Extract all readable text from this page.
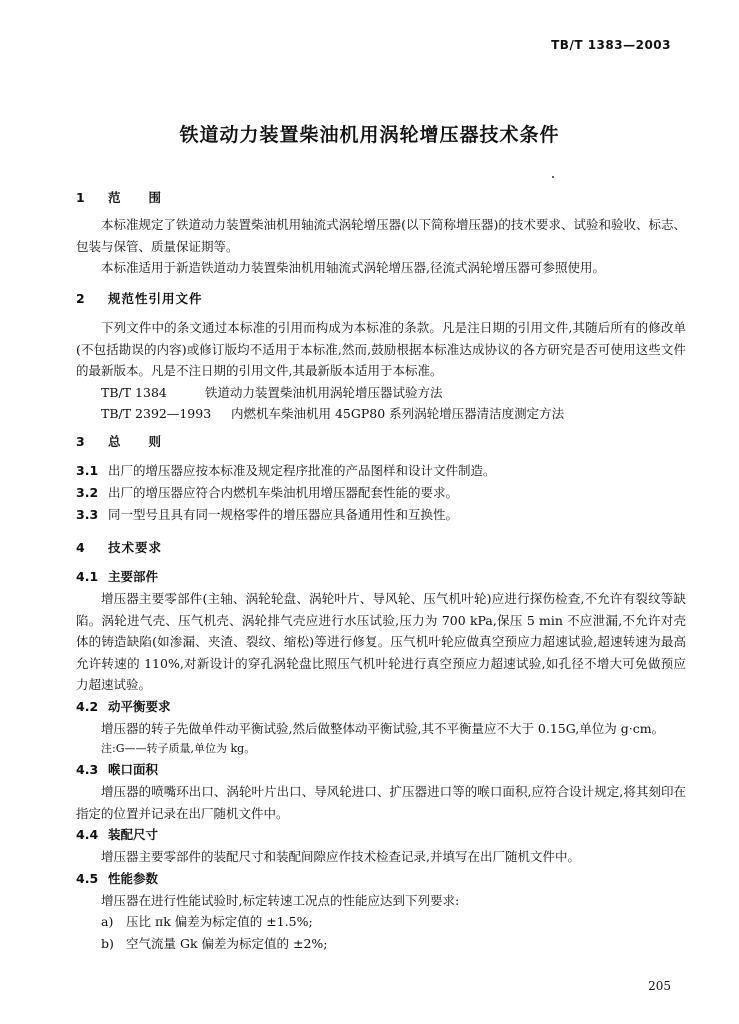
TB/T 1383—2003
铁道动力装置柴油机用涡轮增压器技术条件
1 范　　围
本标准规定了铁道动力装置柴油机用轴流式涡轮增压器(以下简称增压器)的技术要求、试验和验收、标志、包装与保管、质量保证期等。
本标准适用于新造铁道动力装置柴油机用轴流式涡轮增压器,径流式涡轮增压器可参照使用。
2 规范性引用文件
下列文件中的条文通过本标准的引用而构成为本标准的条款。凡是注日期的引用文件,其随后所有的修改单(不包括勘误的内容)或修订版均不适用于本标准,然而,鼓励根据本标准达成协议的各方研究是否可使用这些文件的最新版本。凡是不注日期的引用文件,其最新版本适用于本标准。
TB/T 1384	铁道动力装置柴油机用涡轮增压器试验方法
TB/T 2392—1993 内燃机车柴油机用 45GP80 系列涡轮增压器清洁度测定方法
3 总　　则
3.1 出厂的增压器应按本标准及规定程序批准的产品图样和设计文件制造。
3.2 出厂的增压器应符合内燃机车柴油机用增压器配套性能的要求。
3.3 同一型号且具有同一规格零件的增压器应具备通用性和互换性。
4 技术要求
4.1 主要部件
增压器主要零部件(主轴、涡轮轮盘、涡轮叶片、导风轮、压气机叶轮)应进行探伤检查,不允许有裂纹等缺陷。涡轮进气壳、压气机壳、涡轮排气壳应进行水压试验,压力为 700 kPa,保压 5 min 不应泄漏,不允许对壳体的铸造缺陷(如渗漏、夹渣、裂纹、缩松)等进行修复。压气机叶轮应做真空预应力超速试验,超速转速为最高允许转速的 110%,对新设计的穿孔涡轮盘比照压气机叶轮进行真空预应力超速试验,如孔径不增大可免做预应力超速试验。
4.2 动平衡要求
增压器的转子先做单件动平衡试验,然后做整体动平衡试验,其不平衡量应不大于 0.15G,单位为 g·cm。
注:G——转子质量,单位为 kg。
4.3 喉口面积
增压器的喷嘴环出口、涡轮叶片出口、导风轮进口、扩压器进口等的喉口面积,应符合设计规定,将其刻印在指定的位置并记录在出厂随机文件中。
4.4 装配尺寸
增压器主要零部件的装配尺寸和装配间隙应作技术检查记录,并填写在出厂随机文件中。
4.5 性能参数
增压器在进行性能试验时,标定转速工况点的性能应达到下列要求:
a)	压比 πk 偏差为标定值的 ±1.5%;
b) 空气流量 Gk 偏差为标定值的 ±2%;
205
